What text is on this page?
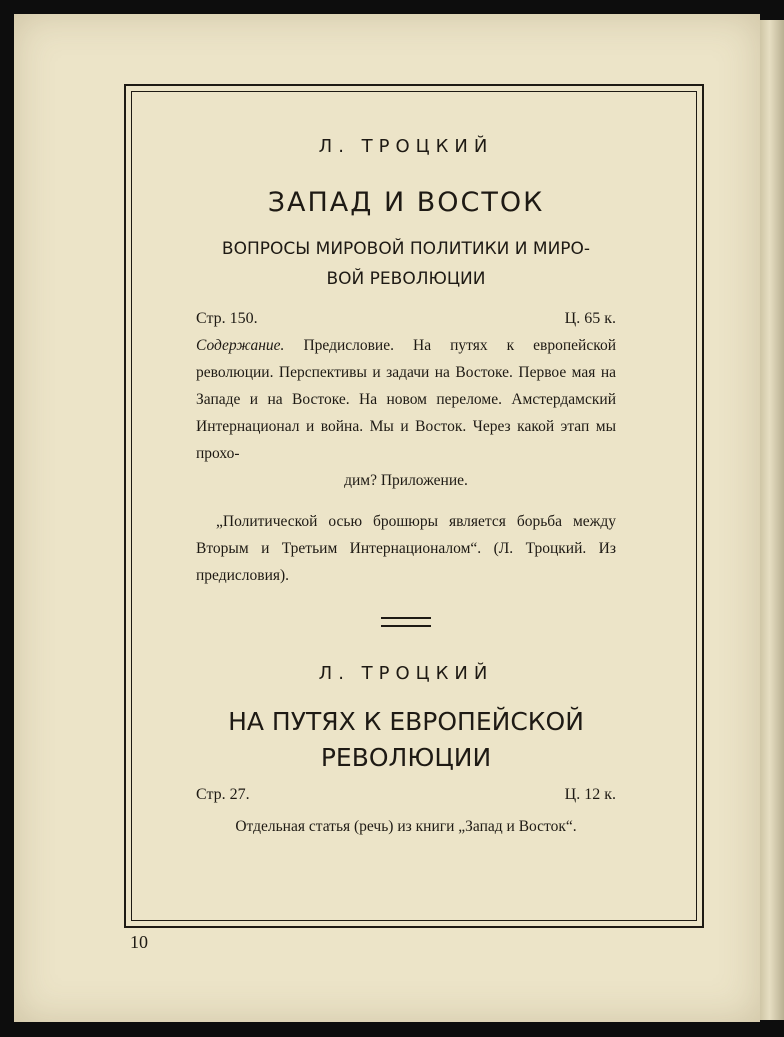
Л. ТРОЦКИЙ

ЗАПАД И ВОСТОК
ВОПРОСЫ МИРОВОЙ ПОЛИТИКИ И МИРО-
ВОЙ РЕВОЛЮЦИИ
Стр. 150.	Ц. 65 к.

Содержание. Предисловие. На путях к европейской революции. Перспективы и задачи на Востоке. Первое мая на Западе и на Востоке. На новом переломе. Амстердамский Интернационал и война. Мы и Восток. Через какой этап мы прохо-
дим? Приложение.

„Политической осью брошюры является борьба между Вторым и Третьим Интернационалом“. (Л. Троцкий. Из предисловия).

Л. ТРОЦКИЙ

НА ПУТЯХ К ЕВРОПЕЙСКОЙ
РЕВОЛЮЦИИ
Стр. 27.	Ц. 12 к.

Отдельная статья (речь) из книги „Запад и Восток“.

10
